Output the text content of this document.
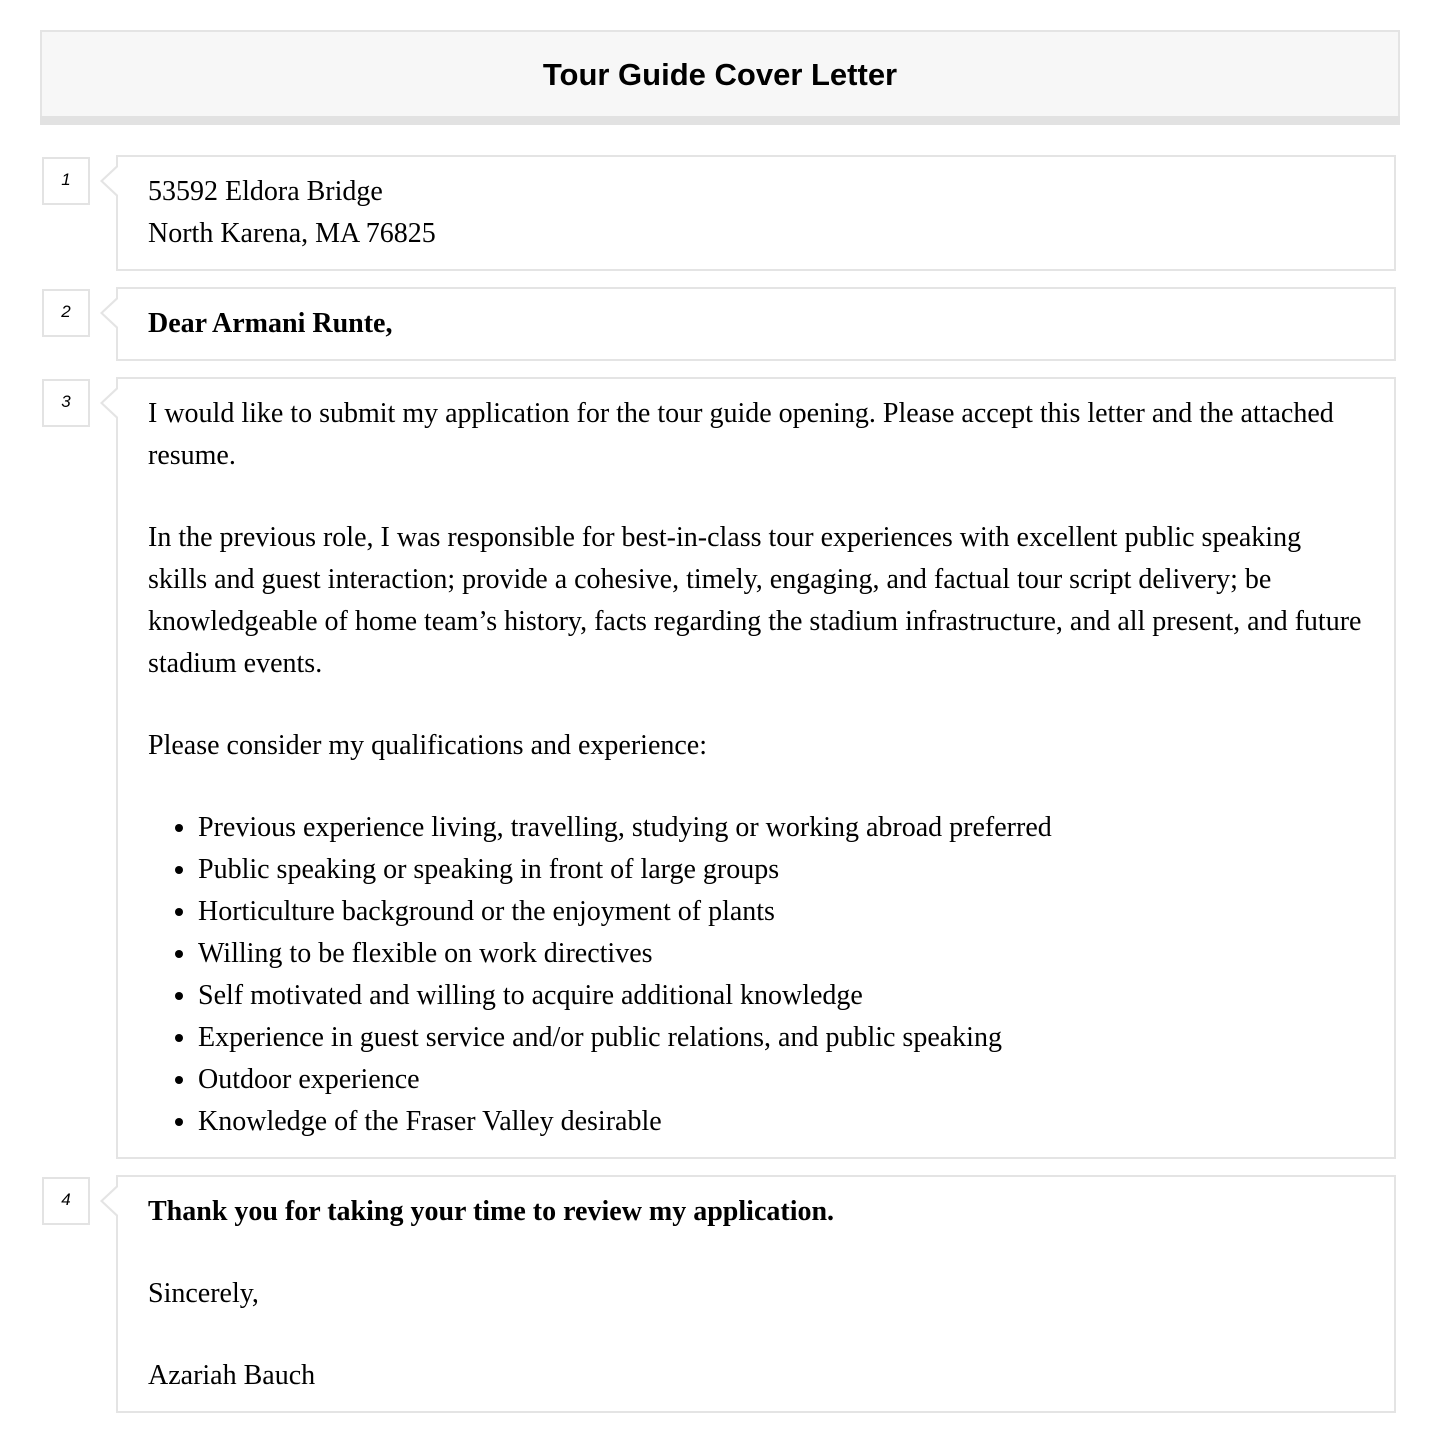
Tour Guide Cover Letter
1	53592 Eldora Bridge
North Karena, MA 76825
2	Dear Armani Runte,
3	I would like to submit my application for the tour guide opening. Please accept this letter and the attached resume.

In the previous role, I was responsible for best-in-class tour experiences with excellent public speaking skills and guest interaction; provide a cohesive, timely, engaging, and factual tour script delivery; be knowledgeable of home team’s history, facts regarding the stadium infrastructure, and all present, and future stadium events.

Please consider my qualifications and experience:

• Previous experience living, travelling, studying or working abroad preferred
• Public speaking or speaking in front of large groups
• Horticulture background or the enjoyment of plants
• Willing to be flexible on work directives
• Self motivated and willing to acquire additional knowledge
• Experience in guest service and/or public relations, and public speaking
• Outdoor experience
• Knowledge of the Fraser Valley desirable
4	Thank you for taking your time to review my application.
Sincerely,
Azariah Bauch
